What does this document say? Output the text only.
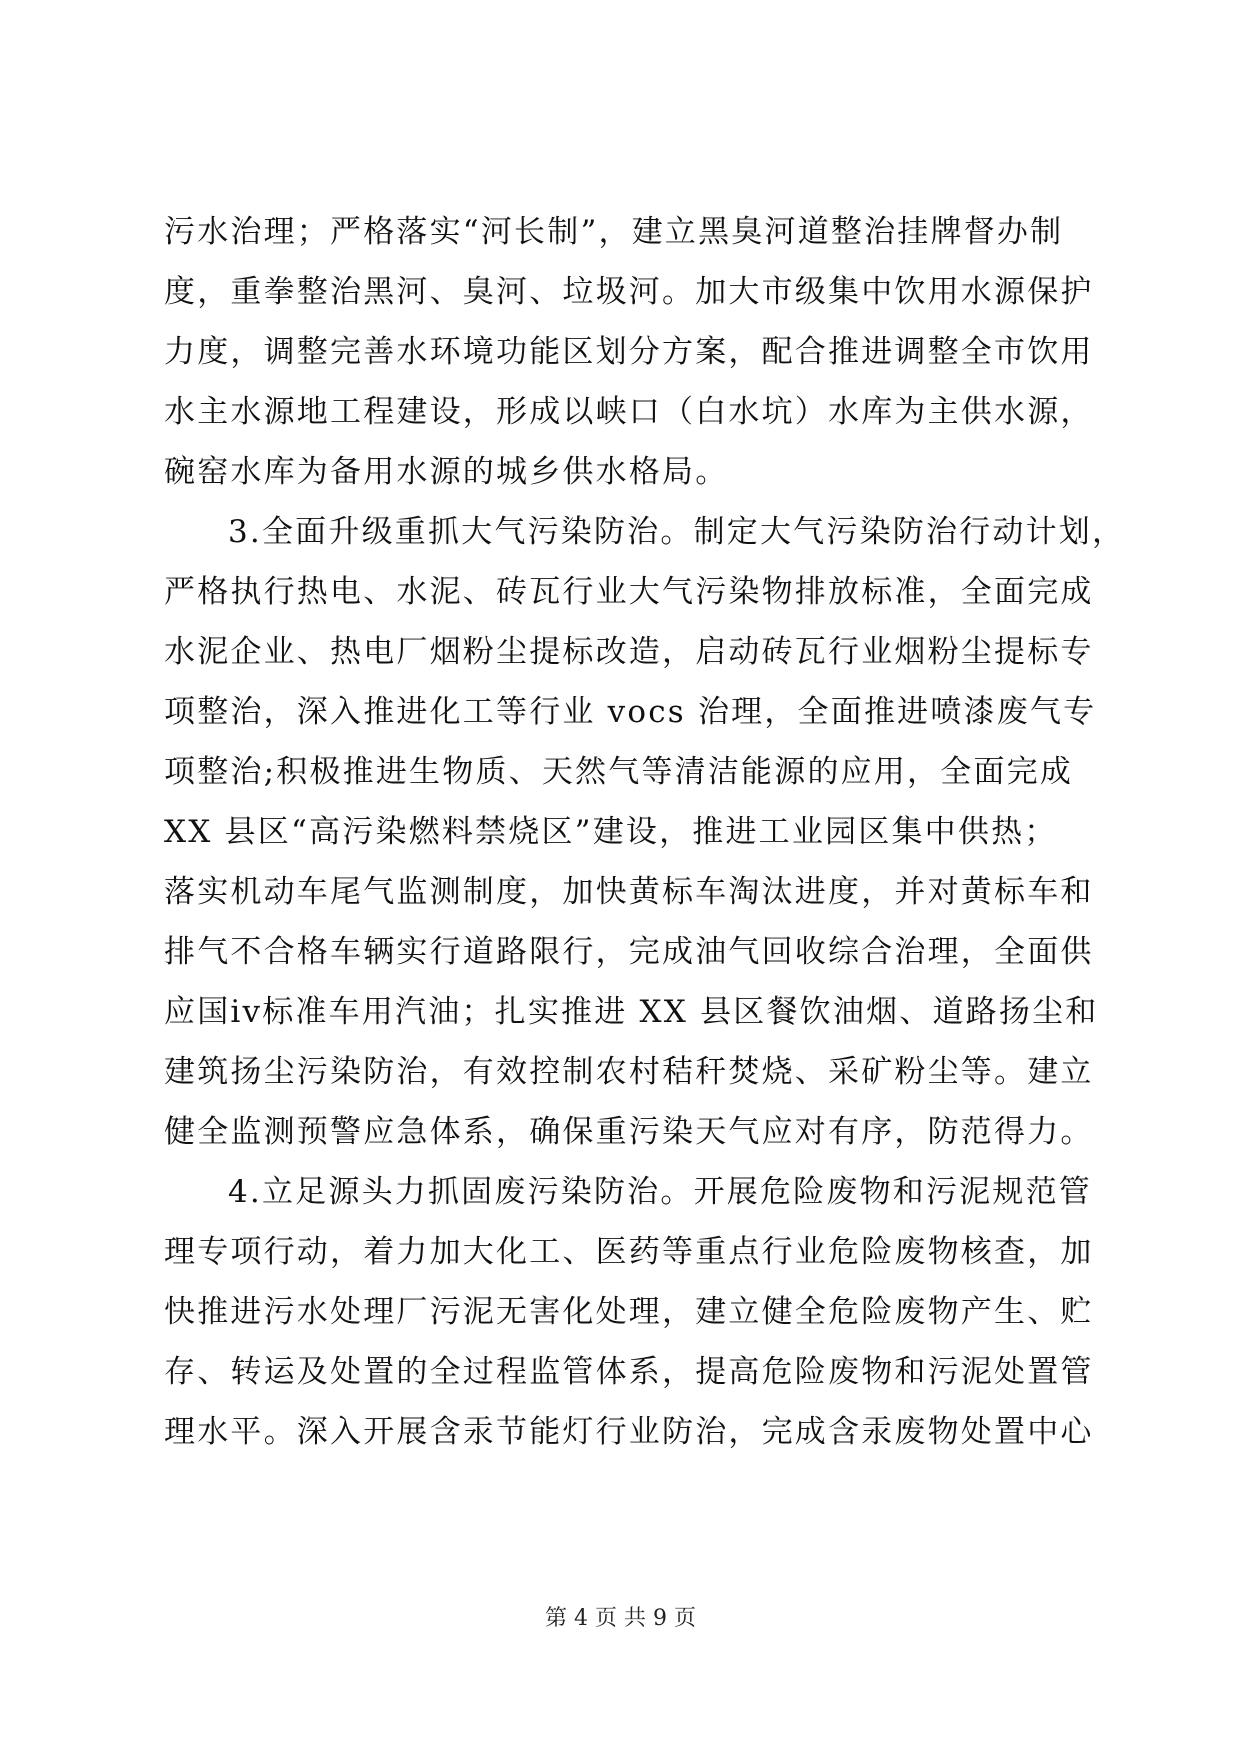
污水治理；严格落实“河长制”，建立黑臭河道整治挂牌督办制
度，重拳整治黑河、臭河、垃圾河。加大市级集中饮用水源保护
力度，调整完善水环境功能区划分方案，配合推进调整全市饮用
水主水源地工程建设，形成以峡口（白水坑）水库为主供水源，
碗窑水库为备用水源的城乡供水格局。
3.全面升级重抓大气污染防治。制定大气污染防治行动计划，
严格执行热电、水泥、砖瓦行业大气污染物排放标准，全面完成
水泥企业、热电厂烟粉尘提标改造，启动砖瓦行业烟粉尘提标专
项整治，深入推进化工等行业 vocs 治理，全面推进喷漆废气专
项整治;积极推进生物质、天然气等清洁能源的应用，全面完成
XX 县区“高污染燃料禁烧区”建设，推进工业园区集中供热；
落实机动车尾气监测制度，加快黄标车淘汰进度，并对黄标车和
排气不合格车辆实行道路限行，完成油气回收综合治理，全面供
应国iv标准车用汽油；扎实推进 XX 县区餐饮油烟、道路扬尘和
建筑扬尘污染防治，有效控制农村秸秆焚烧、采矿粉尘等。建立
健全监测预警应急体系，确保重污染天气应对有序，防范得力。
4.立足源头力抓固废污染防治。开展危险废物和污泥规范管
理专项行动，着力加大化工、医药等重点行业危险废物核查，加
快推进污水处理厂污泥无害化处理，建立健全危险废物产生、贮
存、转运及处置的全过程监管体系，提高危险废物和污泥处置管
理水平。深入开展含汞节能灯行业防治，完成含汞废物处置中心
第 4 页 共 9 页
